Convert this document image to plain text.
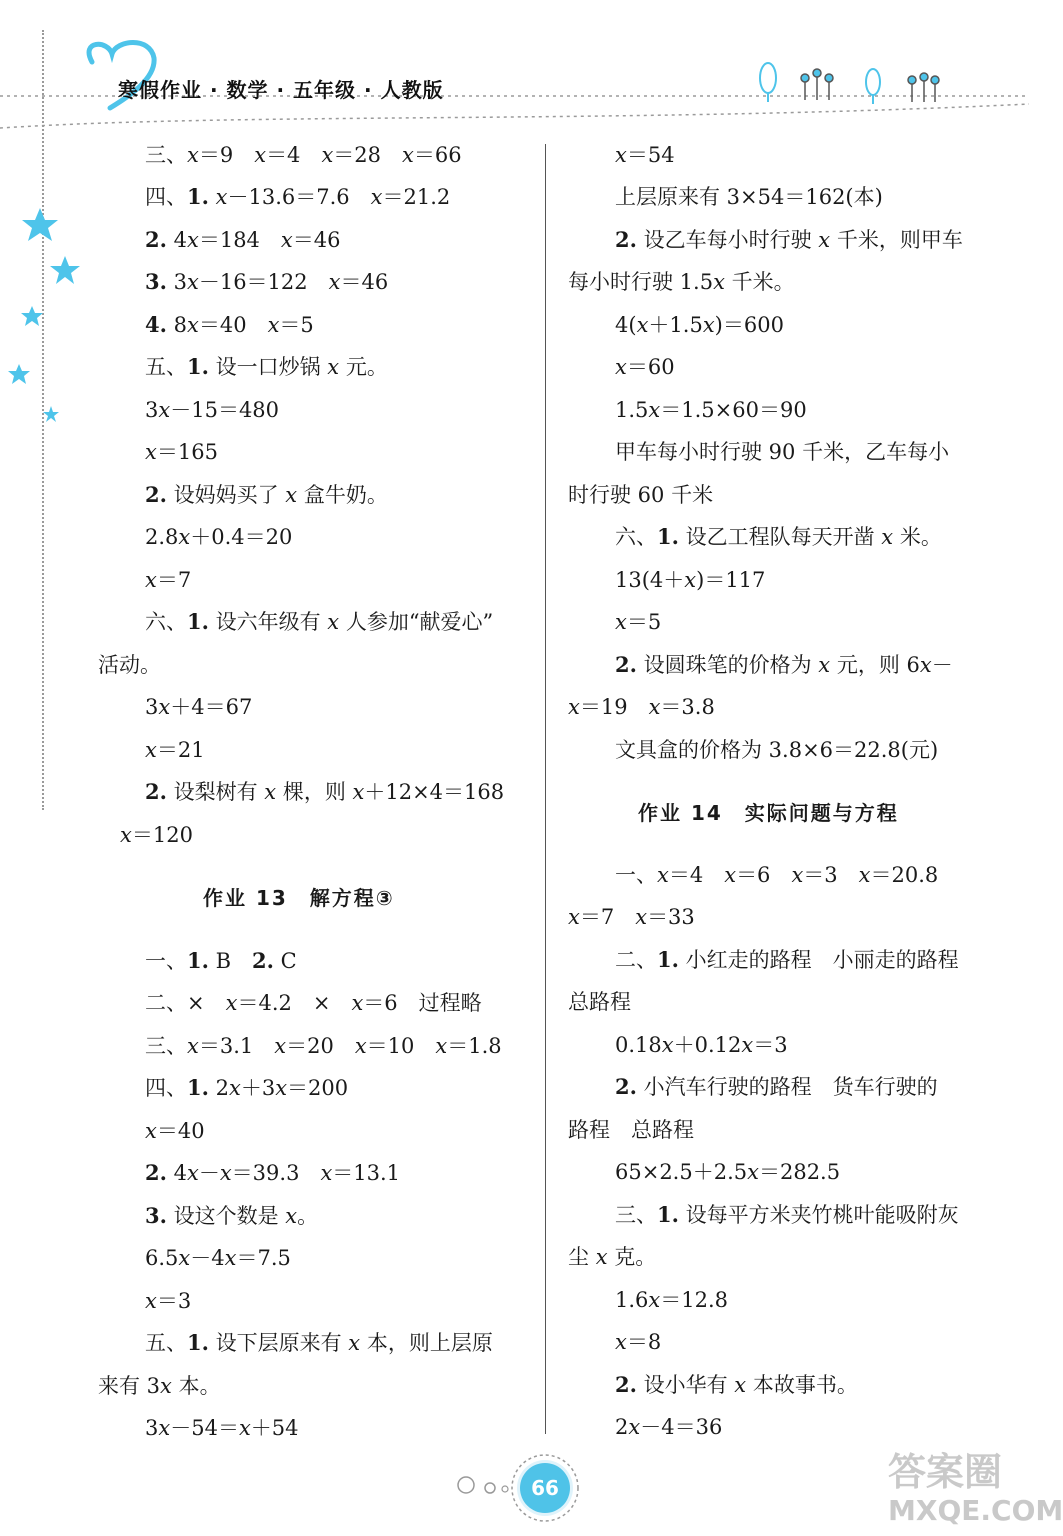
寒假作业 · 数学 · 五年级 · 人教版
三、x＝9　x＝4　x＝28　x＝66
四、1. x－13.6＝7.6　x＝21.2
2. 4x＝184　x＝46
3. 3x－16＝122　x＝46
4. 8x＝40　x＝5
五、1. 设一口炒锅 x 元。
3x－15＝480
x＝165
2. 设妈妈买了 x 盒牛奶。
2.8x＋0.4＝20
x＝7
六、1. 设六年级有 x 人参加“献爱心”
活动。
3x＋4＝67
x＝21
2. 设梨树有 x 棵，则 x＋12×4＝168
x＝120
作业 13　解方程③
一、1. B　2. C
二、×　x＝4.2　×　x＝6　过程略
三、x＝3.1　x＝20　x＝10　x＝1.8
四、1. 2x＋3x＝200
x＝40
2. 4x－x＝39.3　x＝13.1
3. 设这个数是 x。
6.5x－4x＝7.5
x＝3
五、1. 设下层原来有 x 本，则上层原
来有 3x 本。
3x－54＝x＋54
x＝54
上层原来有 3×54＝162(本)
2. 设乙车每小时行驶 x 千米，则甲车
每小时行驶 1.5x 千米。
4(x＋1.5x)＝600
x＝60
1.5x＝1.5×60＝90
甲车每小时行驶 90 千米，乙车每小
时行驶 60 千米
六、1. 设乙工程队每天开凿 x 米。
13(4＋x)＝117
x＝5
2. 设圆珠笔的价格为 x 元，则 6x－
x＝19　x＝3.8
文具盒的价格为 3.8×6＝22.8(元)
作业 14　实际问题与方程
一、x＝4　x＝6　x＝3　x＝20.8
x＝7　x＝33
二、1. 小红走的路程　小丽走的路程
总路程
0.18x＋0.12x＝3
2. 小汽车行驶的路程　货车行驶的
路程　总路程
65×2.5＋2.5x＝282.5
三、1. 设每平方米夹竹桃叶能吸附灰
尘 x 克。
1.6x＝12.8
x＝8
2. 设小华有 x 本故事书。
2x－4＝36
66	答案圈
MXQE.COM
